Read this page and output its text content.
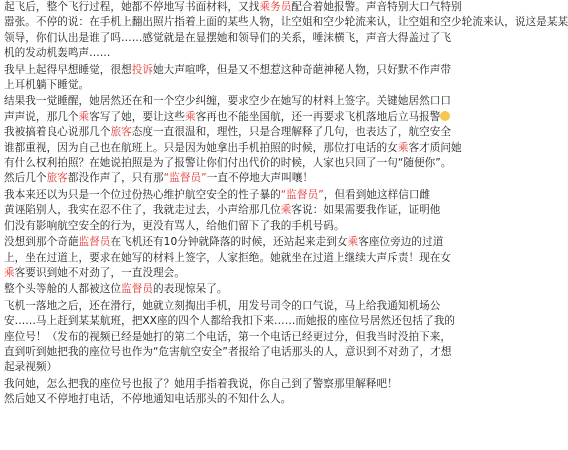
起飞后，整个飞行过程，她都不停地写书面材料，又找乘务员配合着她报警。声音特别大口气特别
嚣张。不停的说：在手机上翻出照片指着上面的某些人物，让空姐和空少轮流来认，让空姐和空少轮流来认，说这是某某
领导，你们认出是谁了吗……感觉就是在显摆她和领导们的关系，唾沫横飞，声音大得盖过了飞
机的发动机轰鸣声……
我早上起得早想睡觉，很想投诉她大声喧哗，但是又不想惹这种奇葩神秘人物，只好默不作声带
上耳机躺下睡觉。
结果我一觉睡醒，她居然还在和一个空少纠缠，要求空少在她写的材料上签字。关键她居然口口
声声说，那几个乘客写了她，要让这些乘客再也不能坐国航，还一再要求飞机落地后立马报警
我被搞着良心说那几个旅客态度一直很温和，理性，只是合理解释了几句，也表达了，航空安全
谁都重视，因为自己也在航班上。只是因为她拿出手机拍照的时候，那位打电话的女乘客才质问她
有什么权利拍照？在她说拍照是为了报警让你们付出代价的时候，人家也只回了一句“随便你”。
然后几个旅客都没作声了，只有那“监督员”一直不停地大声叫嚷！
我本来还以为只是一个位过份热心维护航空安全的性子暴的“监督员”，但看到她这样信口雌
黄诬陷别人，我实在忍不住了，我就走过去，小声给那几位乘客说：如果需要我作证，证明他
们没有影响航空安全的行为，更没有骂人，给他们留下了我的手机号码。
没想到那个奇葩监督员在飞机还有10分钟就降落的时候，还站起来走到女乘客座位旁边的过道
上，坐在过道上，要求在她写的材料上签字，人家拒绝。她就坐在过道上继续大声斥责！现在女
乘客要识到她不对劲了，一直没理会。
整个头等舱的人都被这位监督员的表现惊呆了。
飞机一落地之后，还在滑行，她就立刻掏出手机，用发号司令的口气说，马上给我通知机场公
安……马上赶到某某航班，把XX座的四个人都给我扣下来……而她报的座位号居然还包括了我的
座位号！（发布的视频已经是她打的第二个电话，第一个电话已经更过分，但我当时没拍下来，
直到听到她把我的座位号也作为“危害航空安全”者报给了电话那头的人，意识到不对劲了，才想
起录视频）
我问她，怎么把我的座位号也报了？她用手指着我说，你自己到了警察那里解释吧！
然后她又不停地打电话，不停地通知电话那头的不知什么人。
